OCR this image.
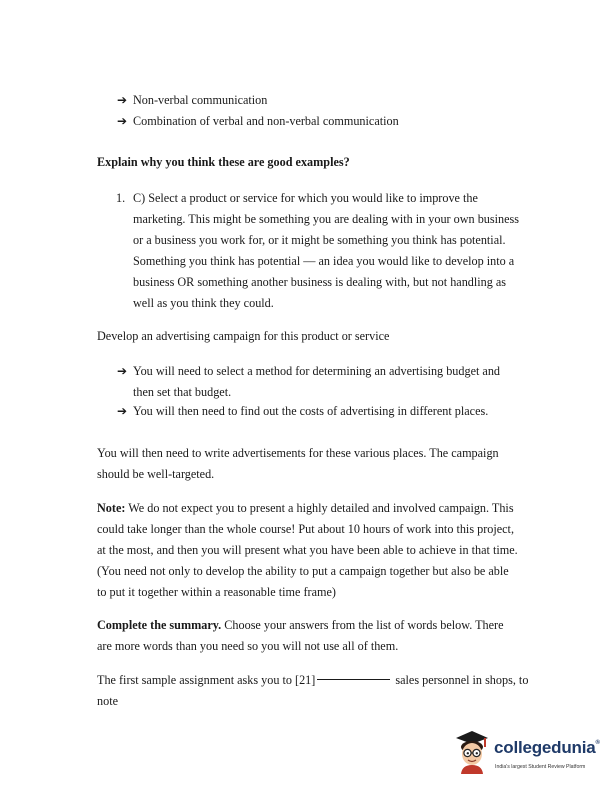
➔ Non-verbal communication
➔ Combination of verbal and non-verbal communication
Explain why you think these are good examples?
1. C) Select a product or service for which you would like to improve the
marketing. This might be something you are dealing with in your own business
or a business you work for, or it might be something you think has potential.
Something you think has potential — an idea you would like to develop into a
business OR something another business is dealing with, but not handling as
well as you think they could.
Develop an advertising campaign for this product or service
➔ You will need to select a method for determining an advertising budget and
then set that budget.
➔ You will then need to find out the costs of advertising in different places.
You will then need to write advertisements for these various places. The campaign
should be well-targeted.
Note: We do not expect you to present a highly detailed and involved campaign. This
could take longer than the whole course! Put about 10 hours of work into this project,
at the most, and then you will present what you have been able to achieve in that time.
(You need not only to develop the ability to put a campaign together but also be able
to put it together within a reasonable time frame)
Complete the summary. Choose your answers from the list of words below. There
are more words than you need so you will not use all of them.
The first sample assignment asks you to [21]	sales personnel in shops, to
note
collegedunia®
India's largest Student Review Platform
